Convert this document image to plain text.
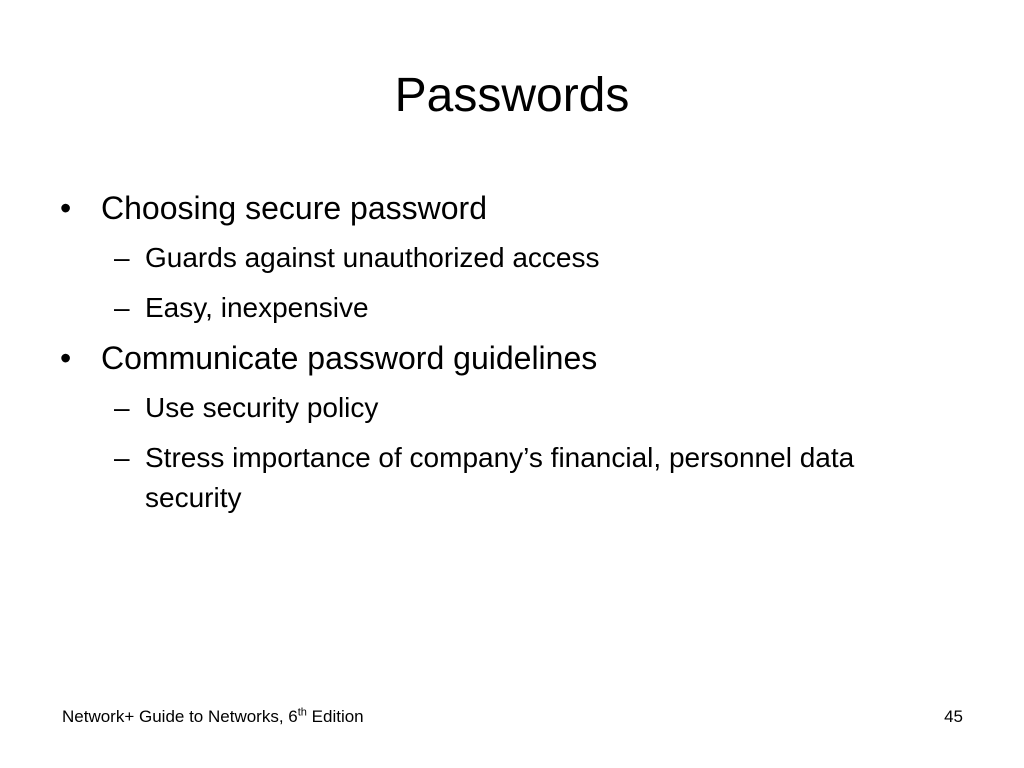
Passwords
• Choosing secure password
– Guards against unauthorized access
– Easy, inexpensive
• Communicate password guidelines
– Use security policy
– Stress importance of company’s financial, personnel data security
Network+ Guide to Networks, 6th Edition	45
